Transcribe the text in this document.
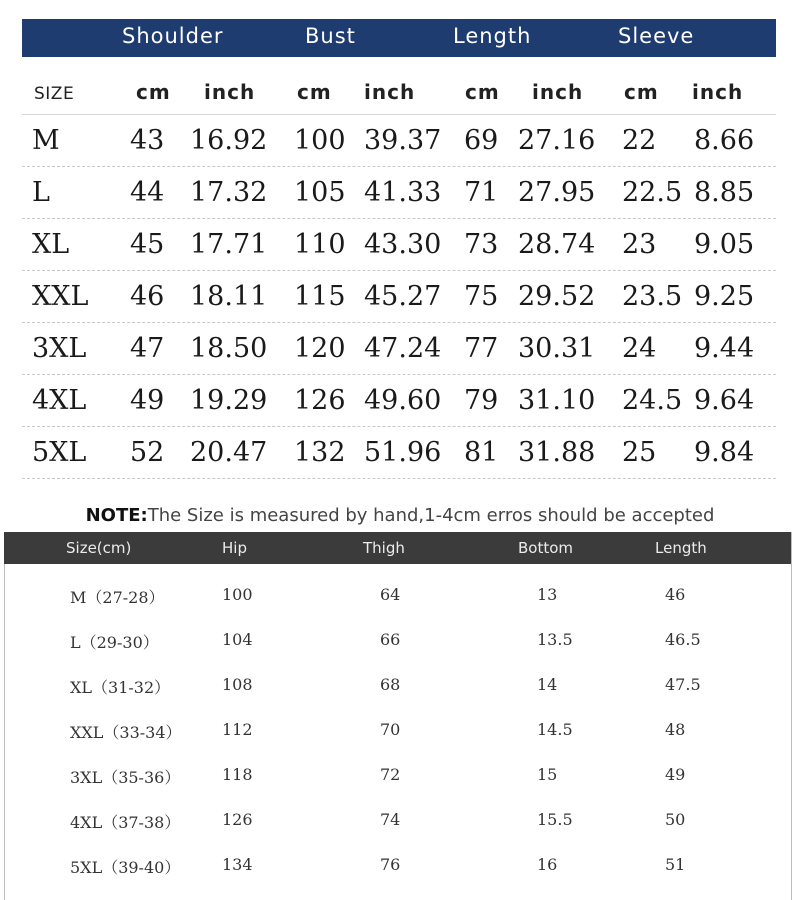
Shoulder	Bust	Length	Sleeve
SIZE	cm inch cm inch cm inch cm inch
M	43 16.92 100 39.37 69 27.16 22 8.66
L	44 17.32 105 41.33 71 27.95 22.5 8.85
XL 45 17.71 110 43.30 73 28.74 23 9.05
XXL 46 18.11 115 45.27 75 29.52 23.5 9.25
3XL 47 18.50 120 47.24 77 30.31 24 9.44
4XL 49 19.29 126 49.60 79 31.10 24.5 9.64
5XL 52 20.47 132 51.96 81 31.88 25 9.84
NOTE:The Size is measured by hand,1-4cm erros should be accepted
Size(cm)	Hip	Thigh	Bottom	Length
M（27-28）	100	64	13	46
L（29-30）	104	66	13.5	46.5
XL（31-32）	108	68	14	47.5
XXL（33-34）	112	70	14.5	48
3XL（35-36）	118	72	15	49
4XL（37-38）	126	74	15.5	50
5XL（39-40）	134	76	16	51
